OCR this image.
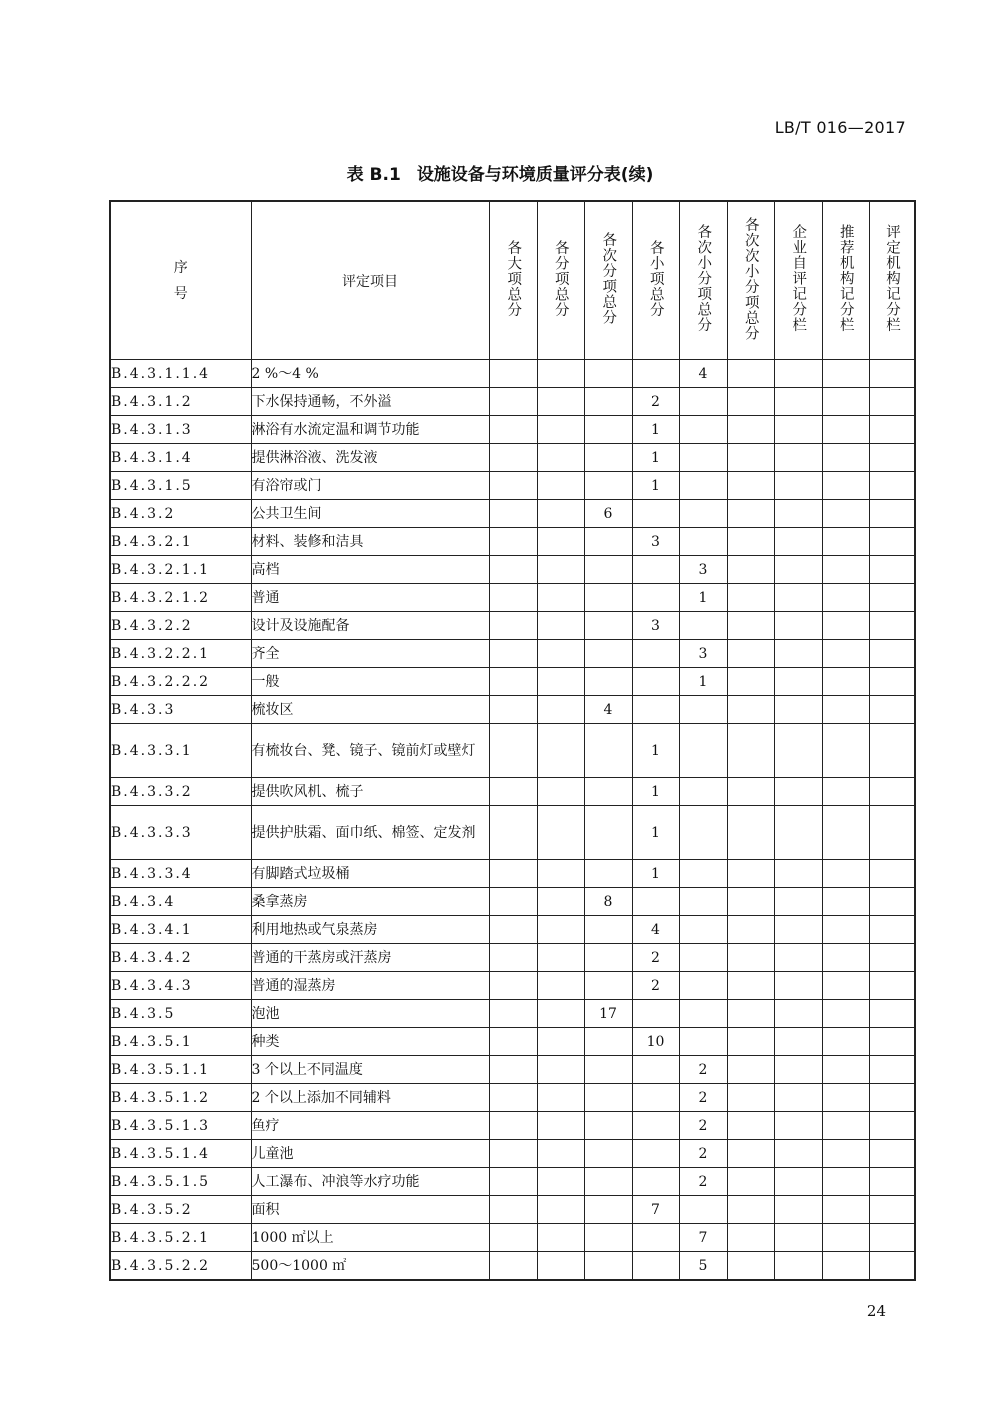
LB/T 016—2017
表 B.1 设施设备与环境质量评分表(续)
序
号	评定项目	各大项总分	各分项总分	各次分项总分	各小项总分	各次小分项总分	各次次小分项总分	企业自评记分栏	推荐机构记分栏	评定机构记分栏
B.4.3.1.1.4	2 %～4 %					4				
B.4.3.1.2	下水保持通畅，不外溢				2					
B.4.3.1.3	淋浴有水流定温和调节功能				1					
B.4.3.1.4	提供淋浴液、洗发液				1					
B.4.3.1.5	有浴帘或门				1					
B.4.3.2	公共卫生间			6						
B.4.3.2.1	材料、装修和洁具				3					
B.4.3.2.1.1	高档					3				
B.4.3.2.1.2	普通					1				
B.4.3.2.2	设计及设施配备				3					
B.4.3.2.2.1	齐全					3				
B.4.3.2.2.2	一般					1				
B.4.3.3	梳妆区			4						
B.4.3.3.1	有梳妆台、凳、镜子、镜前灯或壁灯				1					
B.4.3.3.2	提供吹风机、梳子				1					
B.4.3.3.3	提供护肤霜、面巾纸、棉签、定发剂				1					
B.4.3.3.4	有脚踏式垃圾桶				1					
B.4.3.4	桑拿蒸房			8						
B.4.3.4.1	利用地热或气泉蒸房				4					
B.4.3.4.2	普通的干蒸房或汗蒸房				2					
B.4.3.4.3	普通的湿蒸房				2					
B.4.3.5	泡池			17						
B.4.3.5.1	种类				10					
B.4.3.5.1.1	3 个以上不同温度					2				
B.4.3.5.1.2	2 个以上添加不同辅料					2				
B.4.3.5.1.3	鱼疗					2				
B.4.3.5.1.4	儿童池					2				
B.4.3.5.1.5	人工瀑布、冲浪等水疗功能					2				
B.4.3.5.2	面积				7					
B.4.3.5.2.1	1000 ㎡以上					7				
B.4.3.5.2.2	500～1000 ㎡					5				
24
